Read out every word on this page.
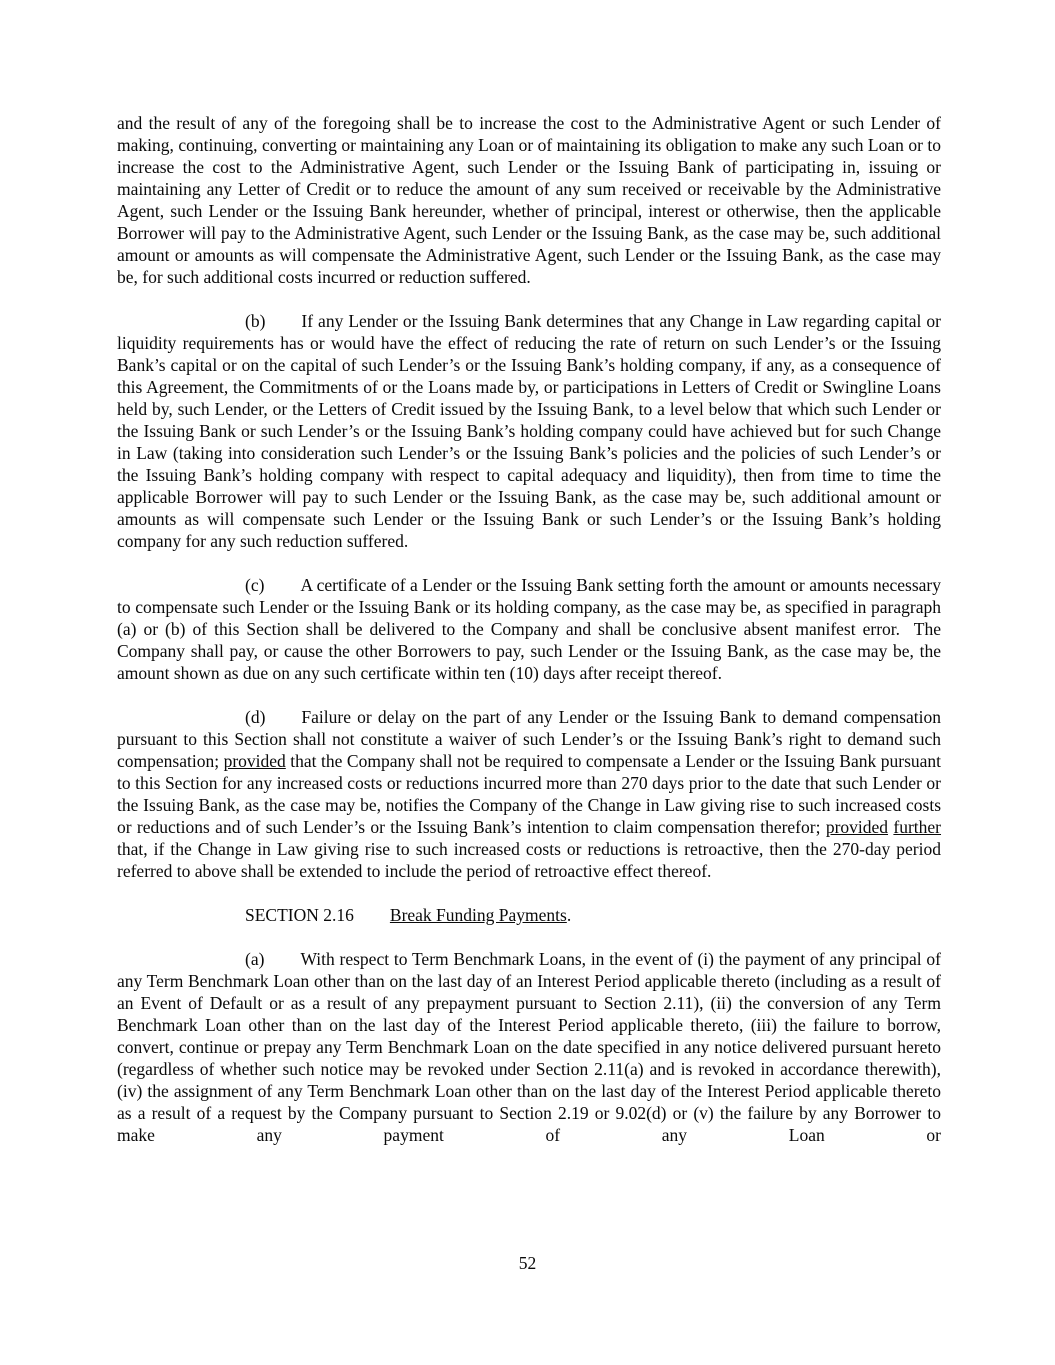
and the result of any of the foregoing shall be to increase the cost to the Administrative Agent or such Lender of making, continuing, converting or maintaining any Loan or of maintaining its obligation to make any such Loan or to increase the cost to the Administrative Agent, such Lender or the Issuing Bank of participating in, issuing or maintaining any Letter of Credit or to reduce the amount of any sum received or receivable by the Administrative Agent, such Lender or the Issuing Bank hereunder, whether of principal, interest or otherwise, then the applicable Borrower will pay to the Administrative Agent, such Lender or the Issuing Bank, as the case may be, such additional amount or amounts as will compensate the Administrative Agent, such Lender or the Issuing Bank, as the case may be, for such additional costs incurred or reduction suffered.

(b) If any Lender or the Issuing Bank determines that any Change in Law regarding capital or liquidity requirements has or would have the effect of reducing the rate of return on such Lender’s or the Issuing Bank’s capital or on the capital of such Lender’s or the Issuing Bank’s holding company, if any, as a consequence of this Agreement, the Commitments of or the Loans made by, or participations in Letters of Credit or Swingline Loans held by, such Lender, or the Letters of Credit issued by the Issuing Bank, to a level below that which such Lender or the Issuing Bank or such Lender’s or the Issuing Bank’s holding company could have achieved but for such Change in Law (taking into consideration such Lender’s or the Issuing Bank’s policies and the policies of such Lender’s or the Issuing Bank’s holding company with respect to capital adequacy and liquidity), then from time to time the applicable Borrower will pay to such Lender or the Issuing Bank, as the case may be, such additional amount or amounts as will compensate such Lender or the Issuing Bank or such Lender’s or the Issuing Bank’s holding company for any such reduction suffered.

(c) A certificate of a Lender or the Issuing Bank setting forth the amount or amounts necessary to compensate such Lender or the Issuing Bank or its holding company, as the case may be, as specified in paragraph (a) or (b) of this Section shall be delivered to the Company and shall be conclusive absent manifest error.  The Company shall pay, or cause the other Borrowers to pay, such Lender or the Issuing Bank, as the case may be, the amount shown as due on any such certificate within ten (10) days after receipt thereof.

(d) Failure or delay on the part of any Lender or the Issuing Bank to demand compensation pursuant to this Section shall not constitute a waiver of such Lender’s or the Issuing Bank’s right to demand such compensation; provided that the Company shall not be required to compensate a Lender or the Issuing Bank pursuant to this Section for any increased costs or reductions incurred more than 270 days prior to the date that such Lender or the Issuing Bank, as the case may be, notifies the Company of the Change in Law giving rise to such increased costs or reductions and of such Lender’s or the Issuing Bank’s intention to claim compensation therefor; provided further that, if the Change in Law giving rise to such increased costs or reductions is retroactive, then the 270-day period referred to above shall be extended to include the period of retroactive effect thereof.

SECTION 2.16 Break Funding Payments.

(a) With respect to Term Benchmark Loans, in the event of (i) the payment of any principal of any Term Benchmark Loan other than on the last day of an Interest Period applicable thereto (including as a result of an Event of Default or as a result of any prepayment pursuant to Section 2.11), (ii) the conversion of any Term Benchmark Loan other than on the last day of the Interest Period applicable thereto, (iii) the failure to borrow, convert, continue or prepay any Term Benchmark Loan on the date specified in any notice delivered pursuant hereto (regardless of whether such notice may be revoked under Section 2.11(a) and is revoked in accordance therewith), (iv) the assignment of any Term Benchmark Loan other than on the last day of the Interest Period applicable thereto as a result of a request by the Company pursuant to Section 2.19 or 9.02(d) or (v) the failure by any Borrower to make any payment of any Loan or

52
